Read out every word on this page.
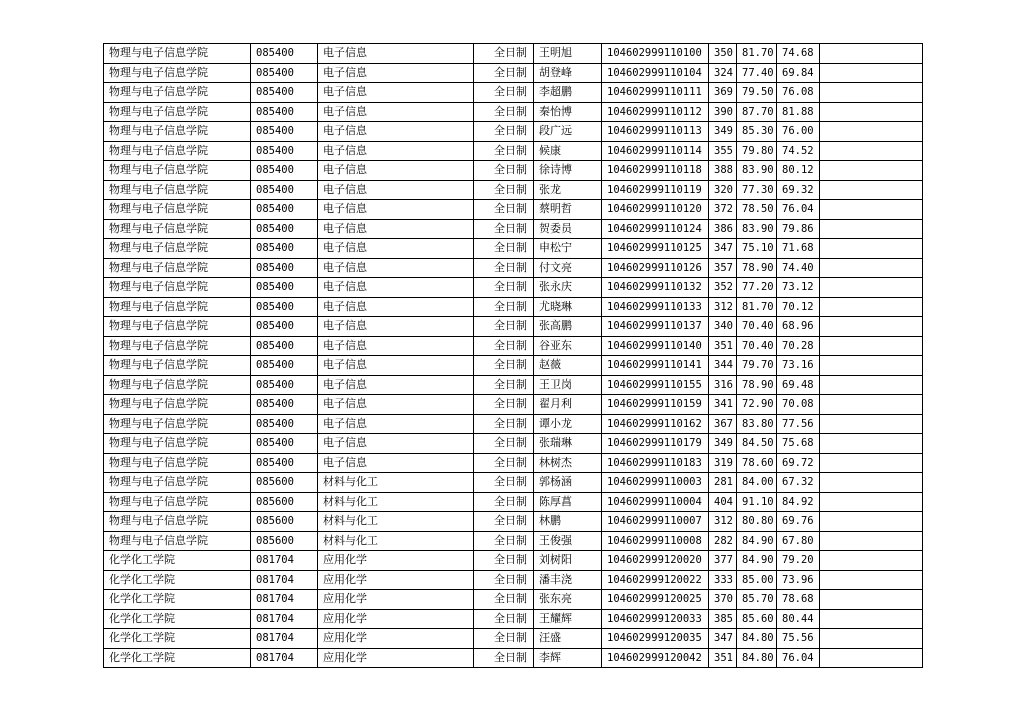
物理与电子信息学院	085400	电子信息	全日制	王明旭	104602999110100	350	81.70	74.68	
物理与电子信息学院	085400	电子信息	全日制	胡登峰	104602999110104	324	77.40	69.84	
物理与电子信息学院	085400	电子信息	全日制	李超鹏	104602999110111	369	79.50	76.08	
物理与电子信息学院	085400	电子信息	全日制	秦怡博	104602999110112	390	87.70	81.88	
物理与电子信息学院	085400	电子信息	全日制	段广远	104602999110113	349	85.30	76.00	
物理与电子信息学院	085400	电子信息	全日制	候康	104602999110114	355	79.80	74.52	
物理与电子信息学院	085400	电子信息	全日制	徐诗博	104602999110118	388	83.90	80.12	
物理与电子信息学院	085400	电子信息	全日制	张龙	104602999110119	320	77.30	69.32	
物理与电子信息学院	085400	电子信息	全日制	蔡明哲	104602999110120	372	78.50	76.04	
物理与电子信息学院	085400	电子信息	全日制	贺委员	104602999110124	386	83.90	79.86	
物理与电子信息学院	085400	电子信息	全日制	申松宁	104602999110125	347	75.10	71.68	
物理与电子信息学院	085400	电子信息	全日制	付文亮	104602999110126	357	78.90	74.40	
物理与电子信息学院	085400	电子信息	全日制	张永庆	104602999110132	352	77.20	73.12	
物理与电子信息学院	085400	电子信息	全日制	尤晓琳	104602999110133	312	81.70	70.12	
物理与电子信息学院	085400	电子信息	全日制	张高鹏	104602999110137	340	70.40	68.96	
物理与电子信息学院	085400	电子信息	全日制	谷亚东	104602999110140	351	70.40	70.28	
物理与电子信息学院	085400	电子信息	全日制	赵薇	104602999110141	344	79.70	73.16	
物理与电子信息学院	085400	电子信息	全日制	王卫岗	104602999110155	316	78.90	69.48	
物理与电子信息学院	085400	电子信息	全日制	翟月利	104602999110159	341	72.90	70.08	
物理与电子信息学院	085400	电子信息	全日制	谭小龙	104602999110162	367	83.80	77.56	
物理与电子信息学院	085400	电子信息	全日制	张瑞琳	104602999110179	349	84.50	75.68	
物理与电子信息学院	085400	电子信息	全日制	林树杰	104602999110183	319	78.60	69.72	
物理与电子信息学院	085600	材料与化工	全日制	郭杨涵	104602999110003	281	84.00	67.32	
物理与电子信息学院	085600	材料与化工	全日制	陈厚菖	104602999110004	404	91.10	84.92	
物理与电子信息学院	085600	材料与化工	全日制	林鹏	104602999110007	312	80.80	69.76	
物理与电子信息学院	085600	材料与化工	全日制	王俊强	104602999110008	282	84.90	67.80	
化学化工学院	081704	应用化学	全日制	刘树阳	104602999120020	377	84.90	79.20	
化学化工学院	081704	应用化学	全日制	潘丰浇	104602999120022	333	85.00	73.96	
化学化工学院	081704	应用化学	全日制	张东亮	104602999120025	370	85.70	78.68	
化学化工学院	081704	应用化学	全日制	王耀辉	104602999120033	385	85.60	80.44	
化学化工学院	081704	应用化学	全日制	汪盛	104602999120035	347	84.80	75.56	
化学化工学院	081704	应用化学	全日制	李辉	104602999120042	351	84.80	76.04	
